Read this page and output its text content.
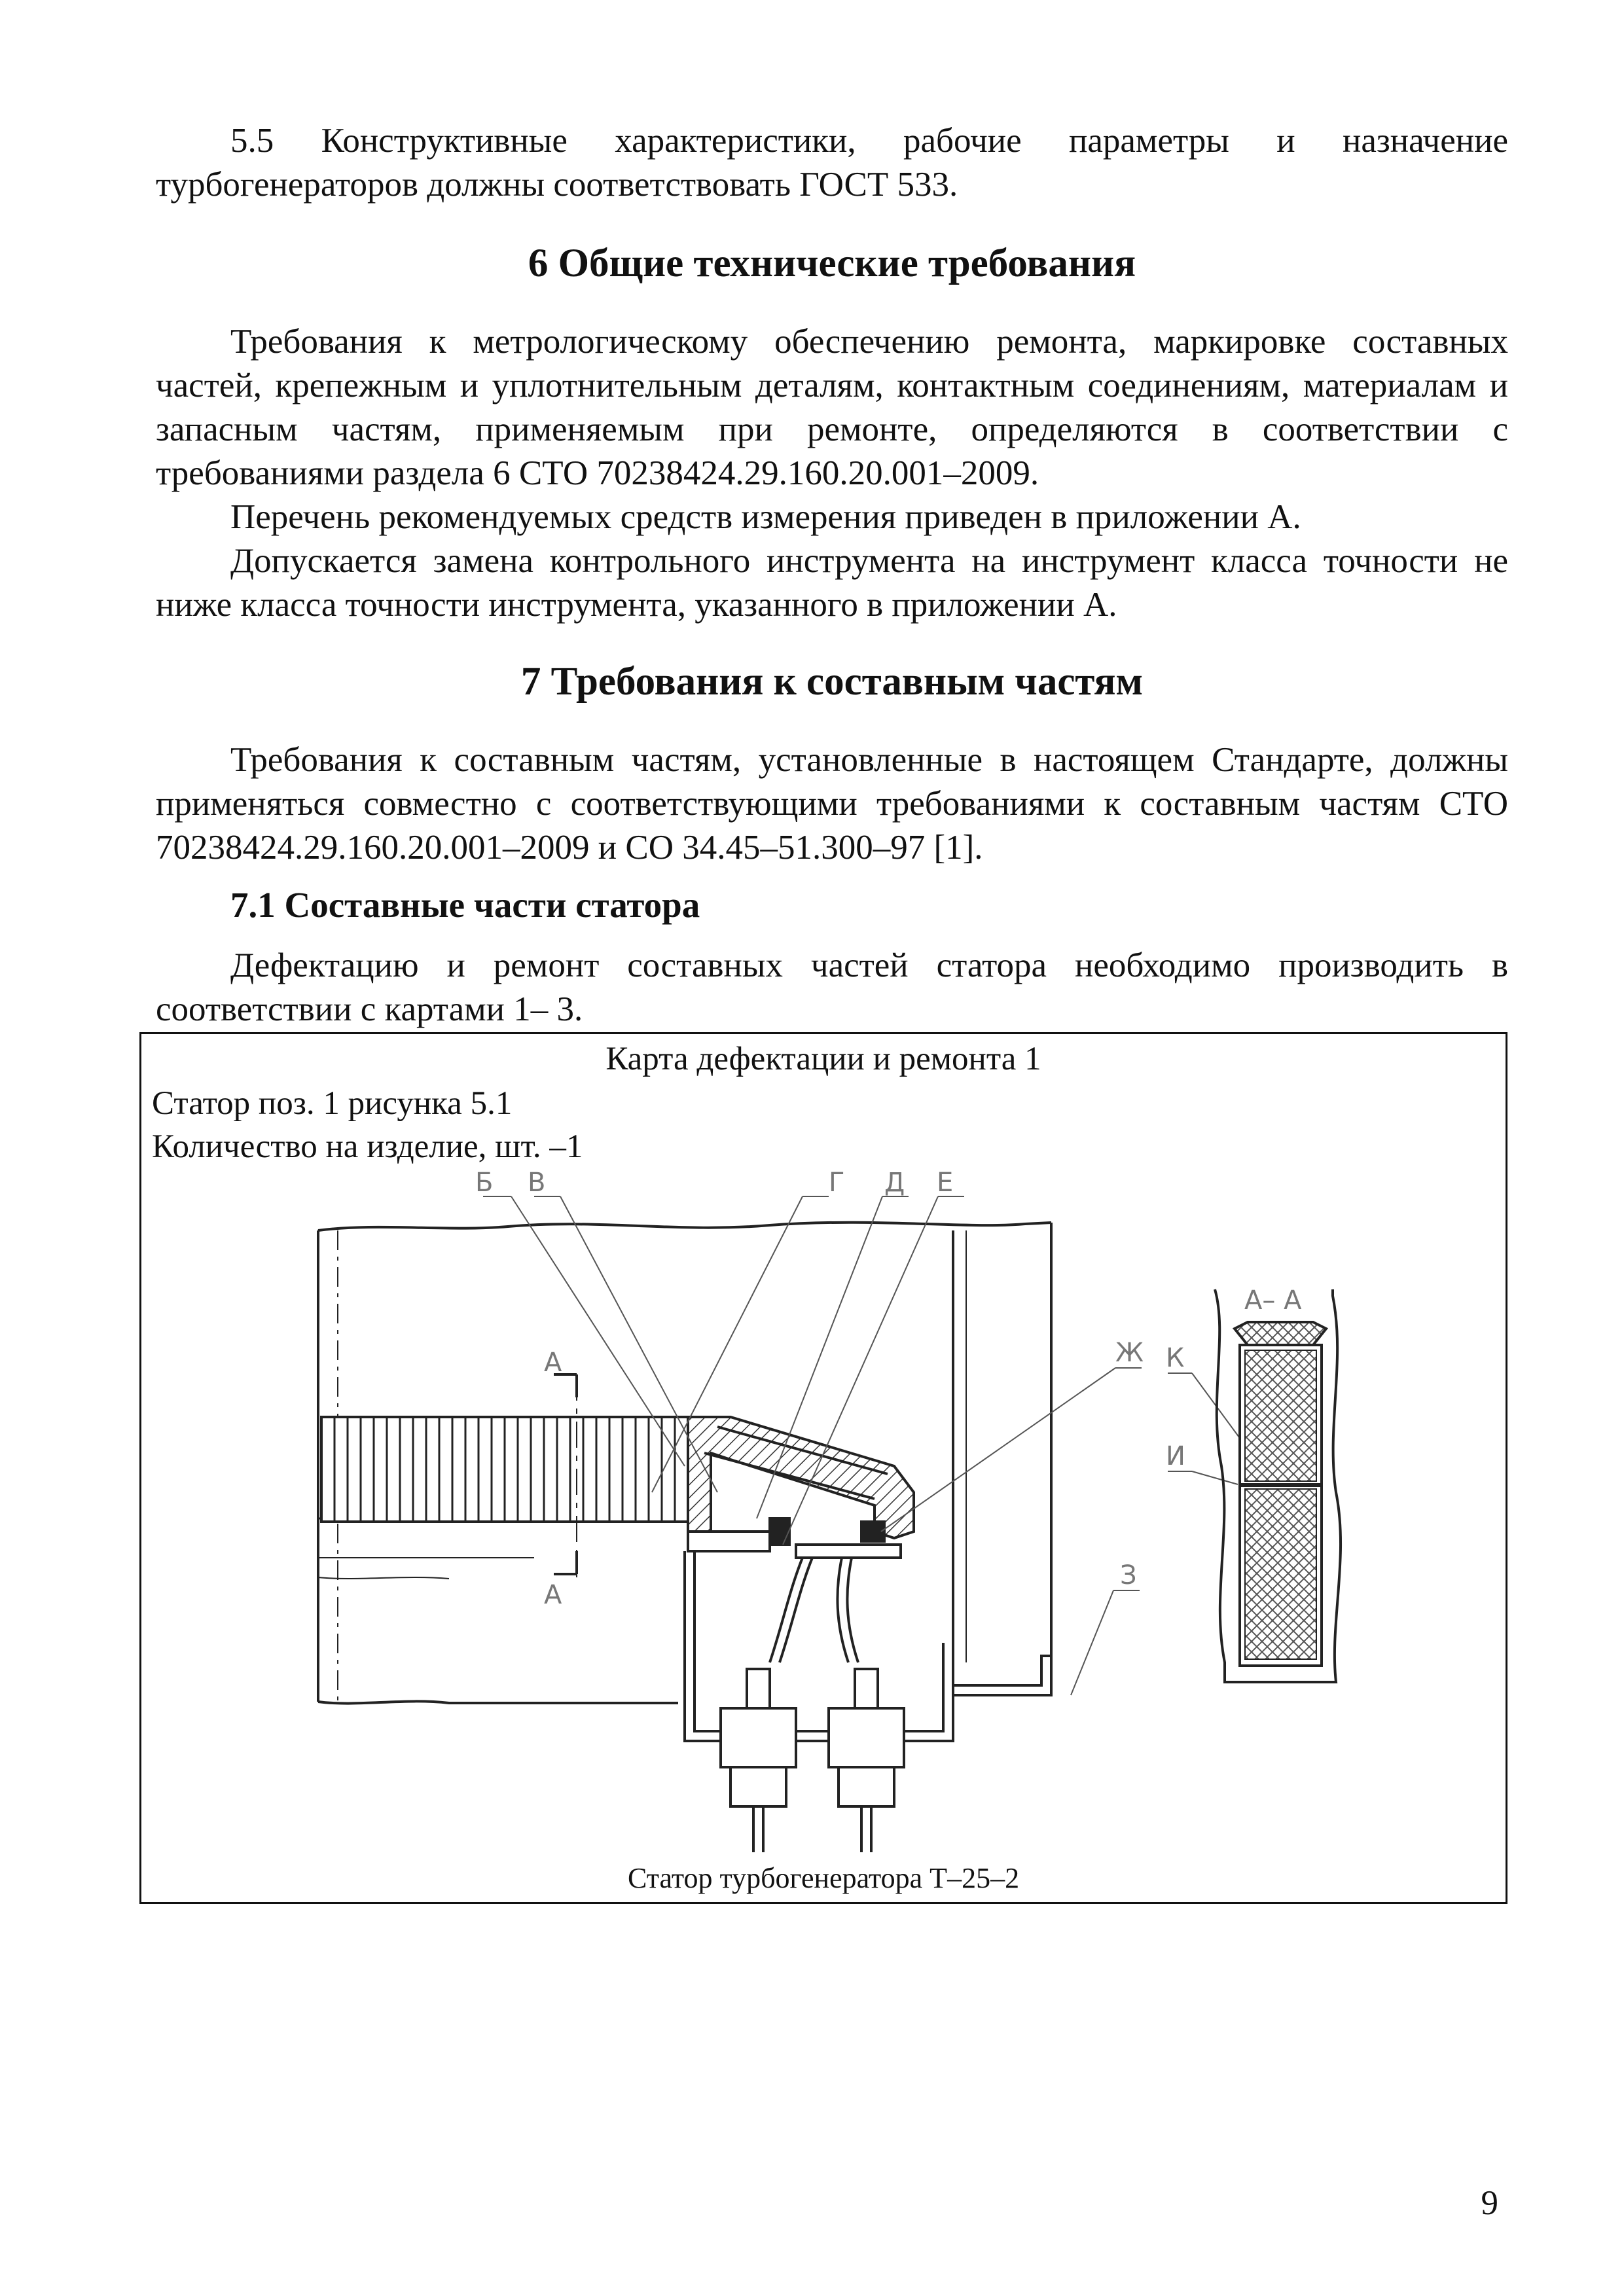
5.5 Конструктивные характеристики, рабочие параметры и назначение турбогенераторов должны соответствовать ГОСТ 533.

6 Общие технические требования

Требования к метрологическому обеспечению ремонта, маркировке составных частей, крепежным и уплотнительным деталям, контактным соединениям, материалам и запасным частям, применяемым при ремонте, определяются в соответствии с требованиями раздела 6 СТО 70238424.29.160.20.001–2009.

Перечень рекомендуемых средств измерения приведен в приложении А.

Допускается замена контрольного инструмента на инструмент класса точности не ниже класса точности инструмента, указанного в приложении А.

7 Требования к составным частям

Требования к составным частям, установленные в настоящем Стандарте, должны применяться совместно с соответствующими требованиями к составным частям СТО 70238424.29.160.20.001–2009 и СО 34.45–51.300–97 [1].

7.1 Составные части статора

Дефектацию и ремонт составных частей статора необходимо производить в соответствии с картами 1– 3.

Карта дефектации и ремонта 1
Статор поз. 1 рисунка 5.1
Количество на изделие, шт. –1
А
А
Б В	Г Д Е
Ж
З
К
И
А– А
Статор турбогенератора Т–25–2
9
